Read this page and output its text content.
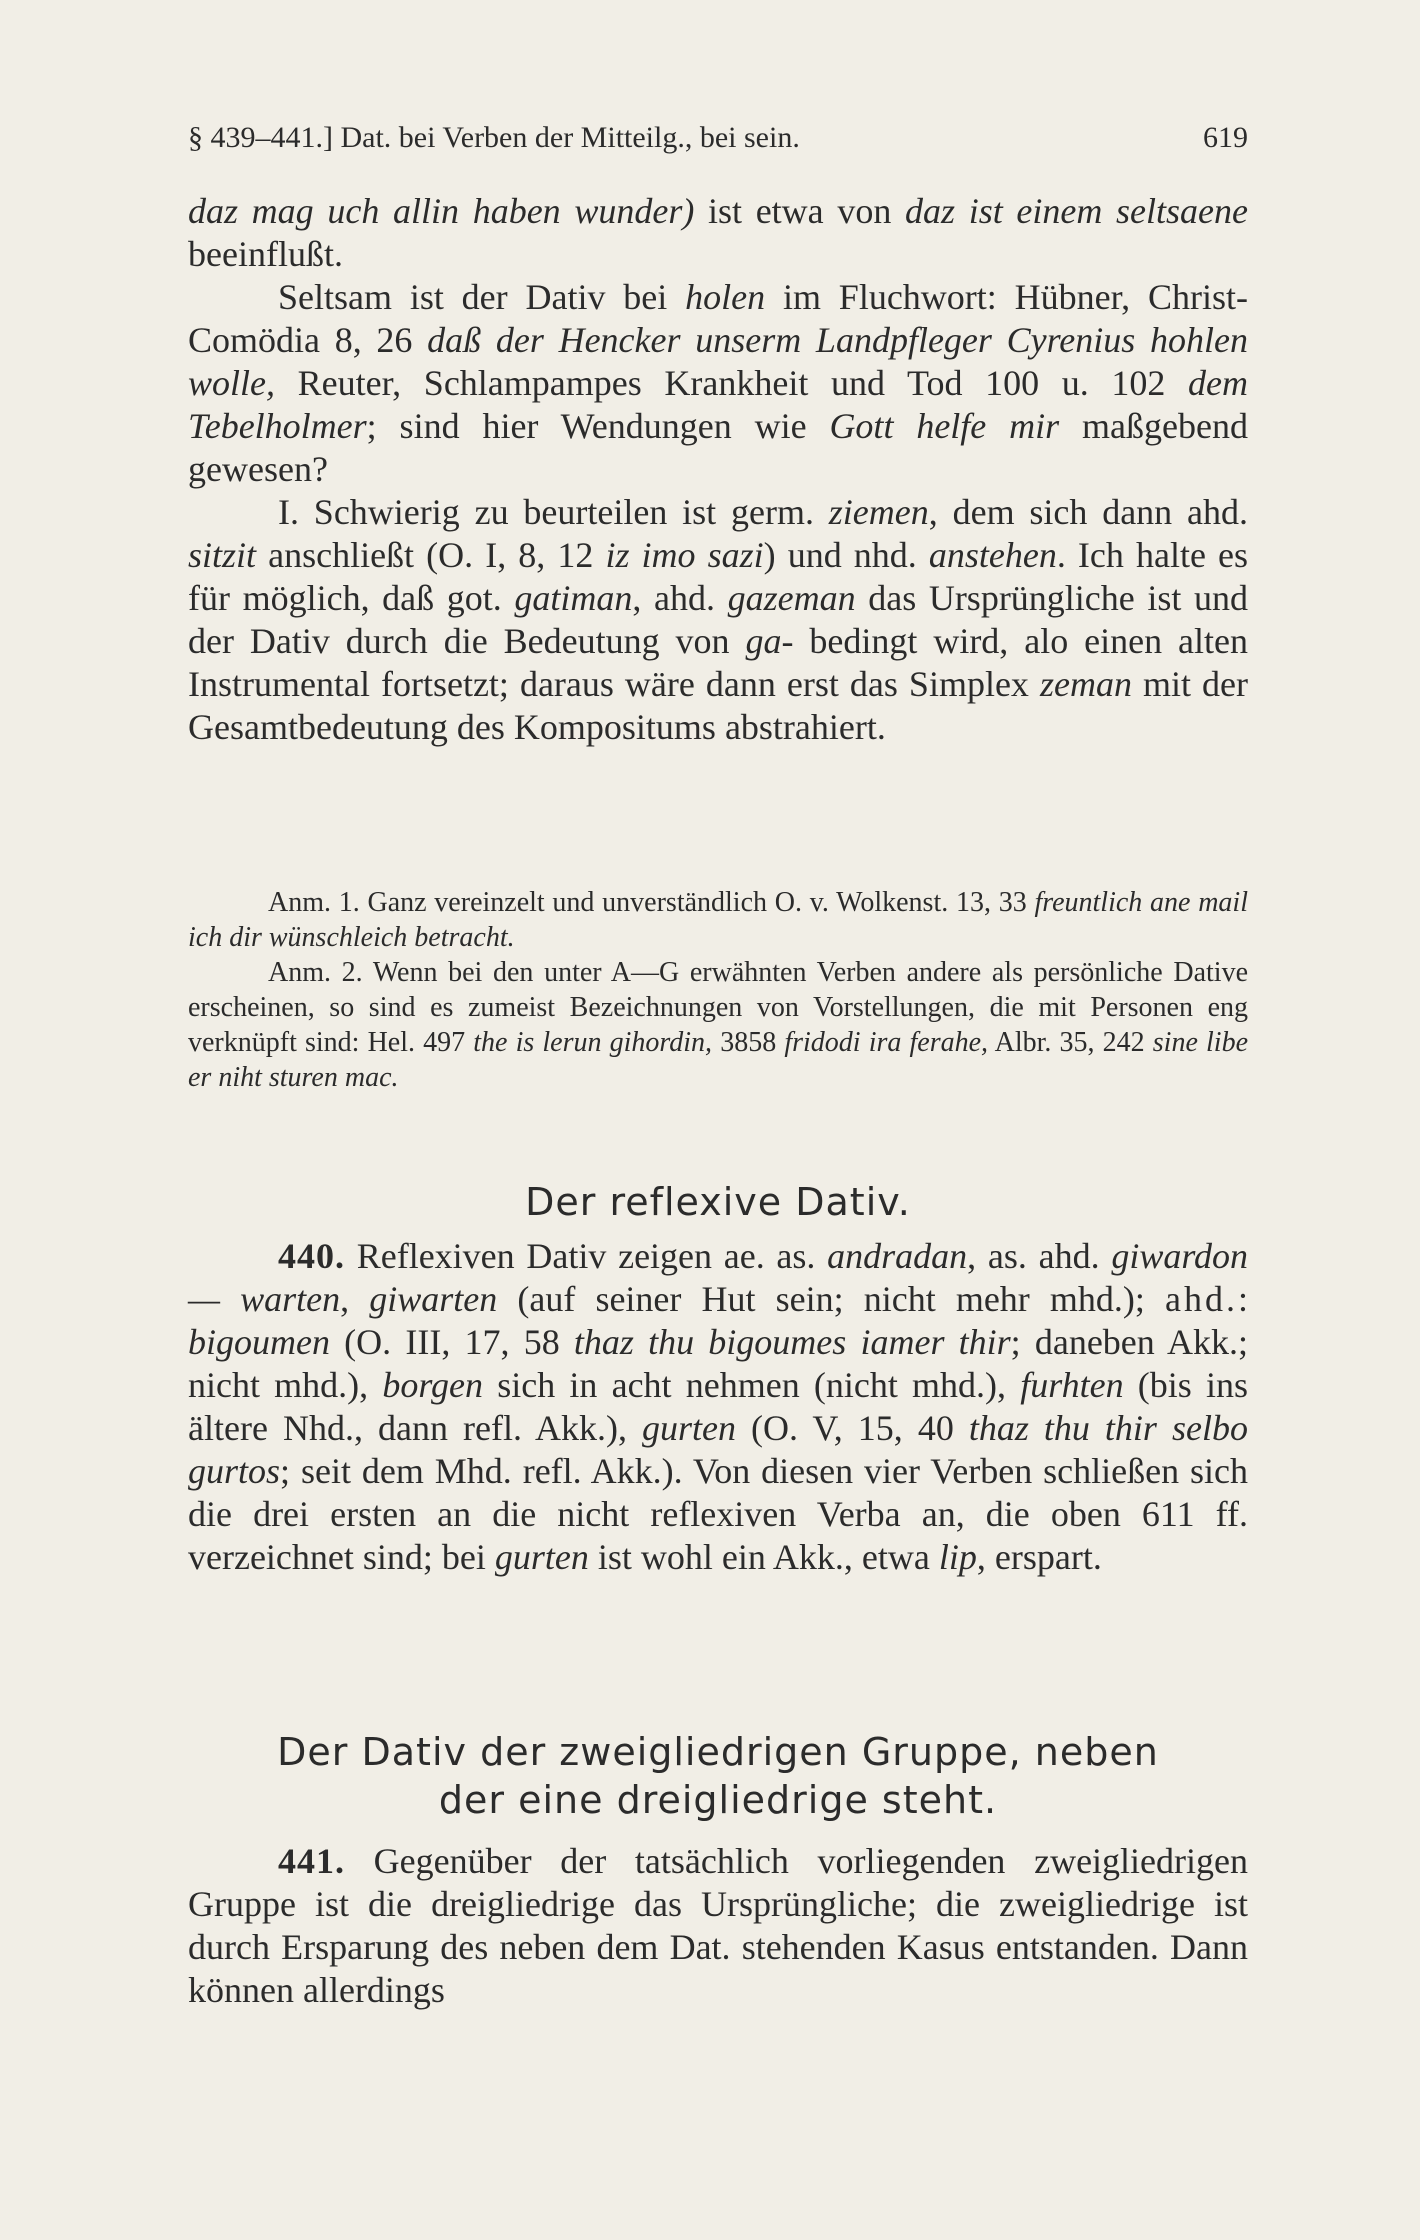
§ 439–441.] Dat. bei Verben der Mitteilg., bei sein.	619

daz mag uch allin haben wunder) ist etwa von daz ist einem seltsaene beeinflußt.

Seltsam ist der Dativ bei holen im Fluchwort: Hübner, Christ-Comödia 8, 26 daß der Hencker unserm Landpfleger Cyrenius hohlen wolle, Reuter, Schlampampes Krankheit und Tod 100 u. 102 dem Tebelholmer; sind hier Wendungen wie Gott helfe mir maßgebend gewesen?

I. Schwierig zu beurteilen ist germ. ziemen, dem sich dann ahd. sitzit anschließt (O. I, 8, 12 iz imo sazi) und nhd. anstehen. Ich halte es für möglich, daß got. gatiman, ahd. gazeman das Ursprüngliche ist und der Dativ durch die Bedeutung von ga- bedingt wird, alo einen alten Instrumental fortsetzt; daraus wäre dann erst das Simplex zeman mit der Gesamtbedeutung des Kompositums abstrahiert.

Anm. 1. Ganz vereinzelt und unverständlich O. v. Wolkenst. 13, 33 freuntlich ane mail ich dir wünschleich betracht.

Anm. 2. Wenn bei den unter A—G erwähnten Verben andere als persönliche Dative erscheinen, so sind es zumeist Bezeichnungen von Vorstellungen, die mit Personen eng verknüpft sind: Hel. 497 the is lerun gihordin, 3858 fridodi ira ferahe, Albr. 35, 242 sine libe er niht sturen mac.

Der reflexive Dativ.

440. Reflexiven Dativ zeigen ae. as. andradan, as. ahd. giwardon — warten, giwarten (auf seiner Hut sein; nicht mehr mhd.); ahd.: bigoumen (O. III, 17, 58 thaz thu bigoumes iamer thir; daneben Akk.; nicht mhd.), borgen sich in acht nehmen (nicht mhd.), furhten (bis ins ältere Nhd., dann refl. Akk.), gurten (O. V, 15, 40 thaz thu thir selbo gurtos; seit dem Mhd. refl. Akk.). Von diesen vier Verben schließen sich die drei ersten an die nicht reflexiven Verba an, die oben 611 ff. verzeichnet sind; bei gurten ist wohl ein Akk., etwa lip, erspart.

Der Dativ der zweigliedrigen Gruppe, neben
der eine dreigliedrige steht.

441. Gegenüber der tatsächlich vorliegenden zweigliedrigen Gruppe ist die dreigliedrige das Ursprüngliche; die zweigliedrige ist durch Ersparung des neben dem Dat. stehenden Kasus entstanden. Dann können allerdings
